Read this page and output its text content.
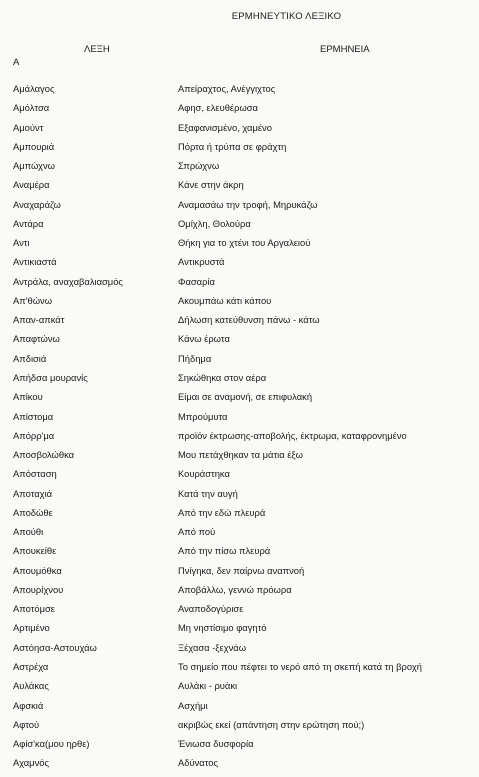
ΕΡΜΗΝΕΥΤΙΚΟ ΛΕΞΙΚΟ
ΛΕΞΗ	ΕΡΜΗΝΕΙΑ
Α
Αμάλαγος	Απείραχτος, Ανέγγιχτος
Αμόλτσα	Αφησ, ελευθέρωσα
Αμούντ	Εξαφανισμένο, χαμένο
Αμπουριά	Πόρτα ή τρύπα σε φράχτη
Αμπώχνω	Σπρώχνω
Αναμέρα	Κάνε στην άκρη
Αναχαράζω	Αναμασάω την τροφή, Μηρυκάζω
Αντάρα	Ομίχλη, Θολούρα
Αντι	Θήκη για το χτένι του Αργαλειού
Αντικιαστά	Αντικρυστά
Αντράλα, αναχαβαλιασμός	Φασαρία
Απ'θώνω	Ακουμπάω κάτι κάπου
Απαν-απκάτ	Δήλωση κατεύθυνση πάνω - κάτω
Απαφτώνω	Κάνω έρωτα
Απδισιά	Πήδημα
Απήδσα μουρανίς	Σηκώθηκα στον αέρα
Απίκου	Είμαι σε αναμονή, σε επιφυλακή
Απίστομα	Μπρούμυτα
Απόρρ'μα	προϊόν έκτρωσης-αποβολής, έκτρωμα, καταφρονημένο
Αποσβολώθκα	Μου πετάχθηκαν τα μάτια έξω
Απόσταση	Κουράστηκα
Αποταχιά	Κατά την αυγή
Αποδώθε	Από την εδώ πλευρά
Απούθι	Από πού
Απουκείθε	Από την πίσω πλευρά
Απουμόθκα	Πνίγηκα, δεν παίρνω αναπνοή
Απουρίχνου	Αποβάλλω, γεννώ πρόωρα
Αποτόμσε	Αναποδογύρισε
Αρτιμένο	Μη νηστίσιμο φαγητό
Αστόησα-Αστουχάω	Ξέχασα -ξεχνάω
Αστρέχα	Το σημείο που πέφτει το νερό από τη σκεπή κατά τη βροχή
Αυλάκας	Αυλάκι - ρυάκι
Αφσκιά	Ασχήμι
Αφτού	ακριβώς εκεί (απάντηση στην ερώτηση πού;)
Αφίσ'κα(μου ηρθε)	Ένιωσα δυσφορία
Αχαμνός	Αδύνατος
